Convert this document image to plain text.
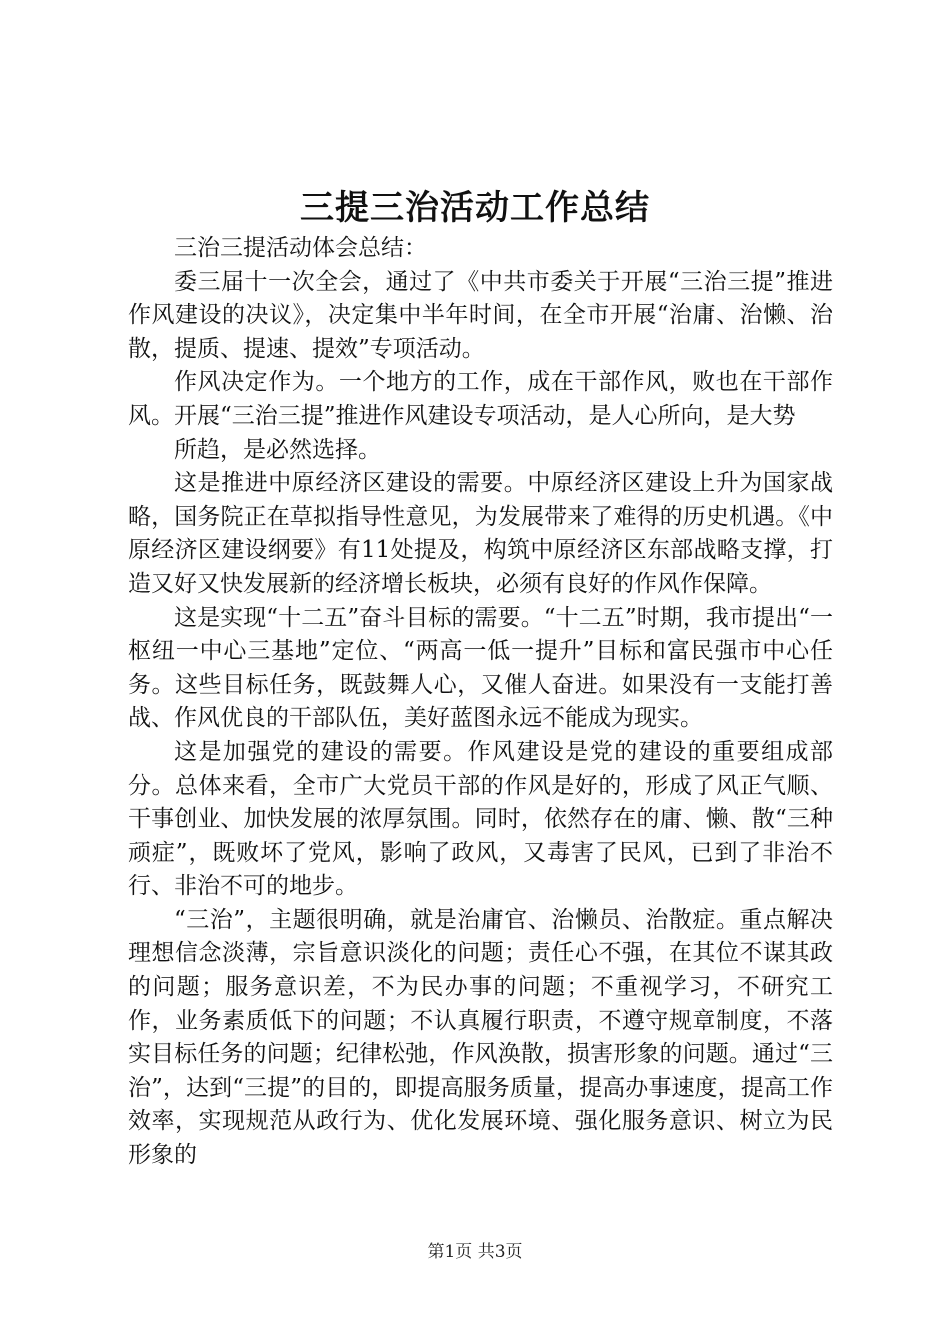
三提三治活动工作总结

三治三提活动体会总结：

委三届十一次全会，通过了《中共市委关于开展“三治三提”推进作风建设的决议》，决定集中半年时间，在全市开展“治庸、治懒、治散，提质、提速、提效”专项活动。

作风决定作为。一个地方的工作，成在干部作风，败也在干部作风。开展“三治三提”推进作风建设专项活动，是人心所向，是大势

所趋，是必然选择。

这是推进中原经济区建设的需要。中原经济区建设上升为国家战略，国务院正在草拟指导性意见，为发展带来了难得的历史机遇。《中原经济区建设纲要》有11处提及，构筑中原经济区东部战略支撑，打造又好又快发展新的经济增长板块，必须有良好的作风作保障。

这是实现“十二五”奋斗目标的需要。“十二五”时期，我市提出“一枢纽一中心三基地”定位、“两高一低一提升”目标和富民强市中心任务。这些目标任务，既鼓舞人心，又催人奋进。如果没有一支能打善战、作风优良的干部队伍，美好蓝图永远不能成为现实。

这是加强党的建设的需要。作风建设是党的建设的重要组成部分。总体来看，全市广大党员干部的作风是好的，形成了风正气顺、干事创业、加快发展的浓厚氛围。同时，依然存在的庸、懒、散“三种顽症”，既败坏了党风，影响了政风，又毒害了民风，已到了非治不行、非治不可的地步。

“三治”，主题很明确，就是治庸官、治懒员、治散症。重点解决理想信念淡薄，宗旨意识淡化的问题；责任心不强，在其位不谋其政的问题；服务意识差，不为民办事的问题；不重视学习，不研究工作，业务素质低下的问题；不认真履行职责，不遵守规章制度，不落实目标任务的问题；纪律松弛，作风涣散，损害形象的问题。通过“三治”，达到“三提”的目的，即提高服务质量，提高办事速度，提高工作效率，实现规范从政行为、优化发展环境、强化服务意识、树立为民形象的

第1页 共3页
